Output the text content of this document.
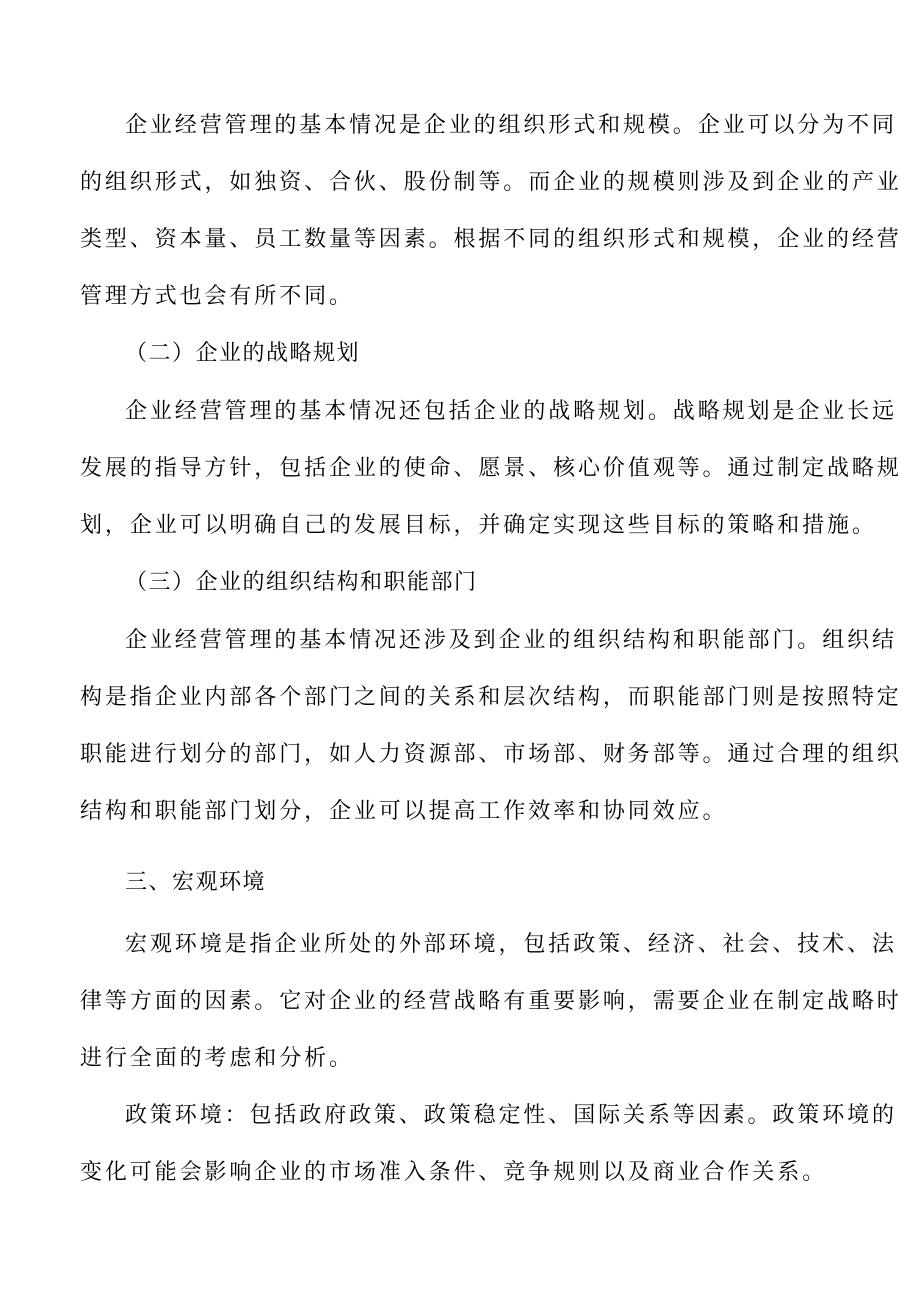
企业经营管理的基本情况是企业的组织形式和规模。企业可以分为不同
的组织形式，如独资、合伙、股份制等。而企业的规模则涉及到企业的产业
类型、资本量、员工数量等因素。根据不同的组织形式和规模，企业的经营
管理方式也会有所不同。
（二）企业的战略规划
企业经营管理的基本情况还包括企业的战略规划。战略规划是企业长远
发展的指导方针，包括企业的使命、愿景、核心价值观等。通过制定战略规
划，企业可以明确自己的发展目标，并确定实现这些目标的策略和措施。
（三）企业的组织结构和职能部门
企业经营管理的基本情况还涉及到企业的组织结构和职能部门。组织结
构是指企业内部各个部门之间的关系和层次结构，而职能部门则是按照特定
职能进行划分的部门，如人力资源部、市场部、财务部等。通过合理的组织
结构和职能部门划分，企业可以提高工作效率和协同效应。
三、宏观环境
宏观环境是指企业所处的外部环境，包括政策、经济、社会、技术、法
律等方面的因素。它对企业的经营战略有重要影响，需要企业在制定战略时
进行全面的考虑和分析。
政策环境：包括政府政策、政策稳定性、国际关系等因素。政策环境的
变化可能会影响企业的市场准入条件、竞争规则以及商业合作关系。
